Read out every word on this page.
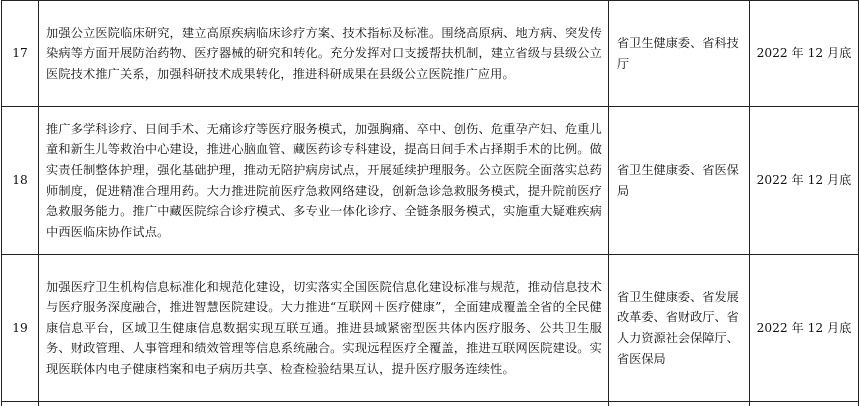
17	加强公立医院临床研究，建立高原疾病临床诊疗方案、技术指标及标准。围绕高原病、地方病、突发传染病等方面开展防治药物、医疗器械的研究和转化。充分发挥对口支援帮扶机制，建立省级与县级公立医院技术推广关系，加强科研技术成果转化，推进科研成果在县级公立医院推广应用。	省卫生健康委、省科技厅	2022 年 12 月底
18	推广多学科诊疗、日间手术、无痛诊疗等医疗服务模式，加强胸痛、卒中、创伤、危重孕产妇、危重儿童和新生儿等救治中心建设，推进心脑血管、藏医药诊专科建设，提高日间手术占择期手术的比例。做实责任制整体护理，强化基础护理，推动无陪护病房试点，开展延续护理服务。公立医院全面落实总药师制度，促进精准合理用药。大力推进院前医疗急救网络建设，创新急诊急救服务模式，提升院前医疗急救服务能力。推广中藏医院综合诊疗模式、多专业一体化诊疗、全链条服务模式，实施重大疑难疾病中西医临床协作试点。	省卫生健康委、省医保局	2022 年 12 月底
19	加强医疗卫生机构信息标准化和规范化建设，切实落实全国医院信息化建设标准与规范，推动信息技术与医疗服务深度融合，推进智慧医院建设。大力推进“互联网＋医疗健康”，全面建成覆盖全省的全民健康信息平台，区域卫生健康信息数据实现互联互通。推进县域紧密型医共体内医疗服务、公共卫生服务、财政管理、人事管理和绩效管理等信息系统融合。实现远程医疗全覆盖，推进互联网医院建设。实现医联体内电子健康档案和电子病历共享、检查检验结果互认，提升医疗服务连续性。	省卫生健康委、省发展改革委、省财政厅、省人力资源社会保障厅、省医保局	2022 年 12 月底
